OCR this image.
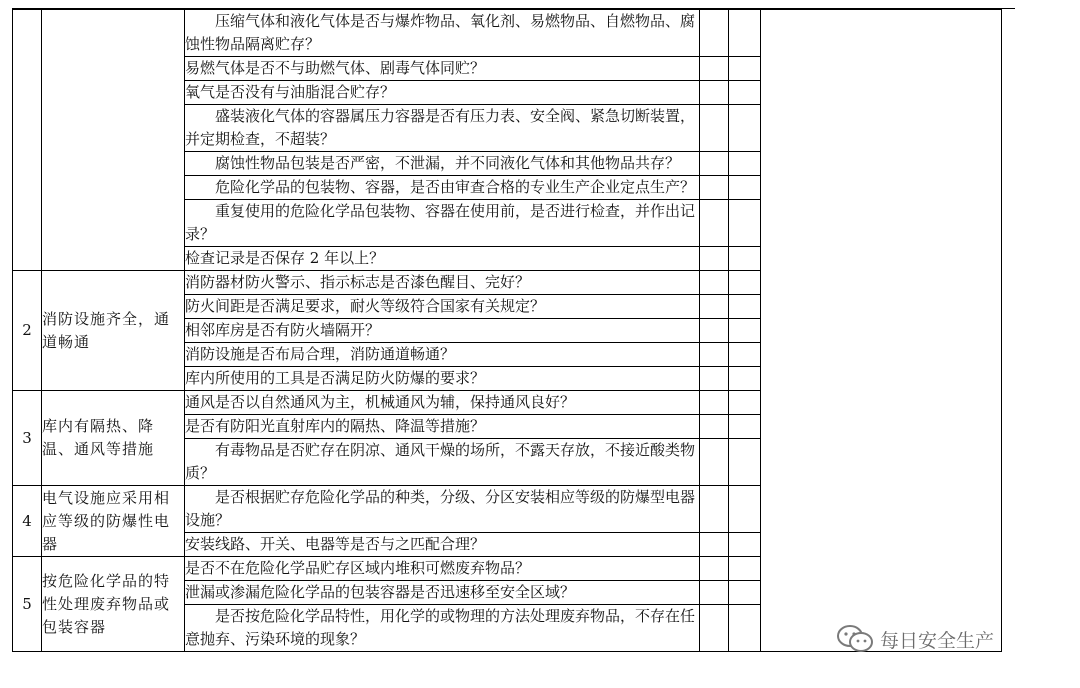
		压缩气体和液化气体是否与爆炸物品、氧化剂、易燃物品、自燃物品、腐蚀性物品隔离贮存？			

		易燃气体是否不与助燃气体、剧毒气体同贮？			

		氧气是否没有与油脂混合贮存？			

		盛装液化气体的容器属压力容器是否有压力表、安全阀、紧急切断装置，并定期检查，不超装？			

		腐蚀性物品包装是否严密，不泄漏，并不同液化气体和其他物品共存？			

		危险化学品的包装物、容器，是否由审查合格的专业生产企业定点生产？			

		重复使用的危险化学品包装物、容器在使用前，是否进行检查，并作出记录？			

		检查记录是否保存 2 年以上？			

2	消防设施齐全，通道畅通	消防器材防火警示、指示标志是否漆色醒目、完好？			

		防火间距是否满足要求，耐火等级符合国家有关规定？			

		相邻库房是否有防火墙隔开？			

		消防设施是否布局合理，消防通道畅通？			

		库内所使用的工具是否满足防火防爆的要求？			

3	库内有隔热、降温、通风等措施	通风是否以自然通风为主，机械通风为辅，保持通风良好？			

		是否有防阳光直射库内的隔热、降温等措施？			

		有毒物品是否贮存在阴凉、通风干燥的场所，不露天存放，不接近酸类物质？			

4	电气设施应采用相应等级的防爆性电器	是否根据贮存危险化学品的种类，分级、分区安装相应等级的防爆型电器设施？			

		安装线路、开关、电器等是否与之匹配合理？			

5	按危险化学品的特性处理废弃物品或包装容器	是否不在危险化学品贮存区域内堆积可燃废弃物品？			

		泄漏或渗漏危险化学品的包装容器是否迅速移至安全区域？			

		是否按危险化学品特性，用化学的或物理的方法处理废弃物品，不存在任意抛弃、污染环境的现象？			
			每日安全生产
